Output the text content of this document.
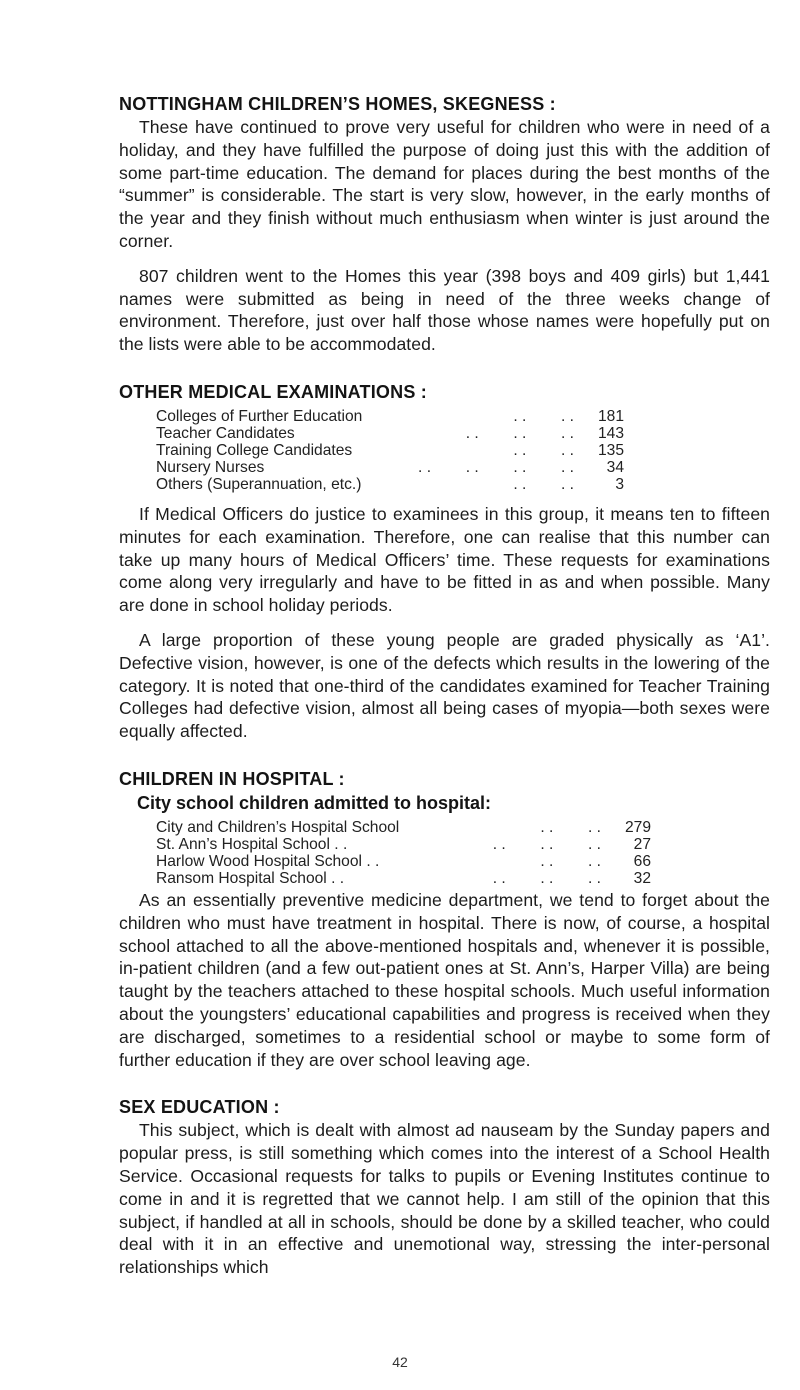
NOTTINGHAM CHILDREN’S HOMES, SKEGNESS :

These have continued to prove very useful for children who were in need of a holiday, and they have fulfilled the purpose of doing just this with the addition of some part-time education. The demand for places during the best months of the “summer” is considerable. The start is very slow, however, in the early months of the year and they finish without much enthusiasm when winter is just around the corner.

807 children went to the Homes this year (398 boys and 409 girls) but 1,441 names were submitted as being in need of the three weeks change of environment. Therefore, just over half those whose names were hopefully put on the lists were able to be accommodated.

OTHER MEDICAL EXAMINATIONS :
Colleges of Further Education	. .        . .	181
Teacher Candidates	. .        . .        . .	143
Training College Candidates	. .        . .	135
Nursery Nurses	. .        . .        . .        . .	34
Others (Superannuation, etc.)	. .        . .	3

If Medical Officers do justice to examinees in this group, it means ten to fifteen minutes for each examination. Therefore, one can realise that this number can take up many hours of Medical Officers’ time. These requests for examinations come along very irregularly and have to be fitted in as and when possible. Many are done in school holiday periods.

A large proportion of these young people are graded physically as ‘A1’. Defective vision, however, is one of the defects which results in the lowering of the category. It is noted that one-third of the candidates examined for Teacher Training Colleges had defective vision, almost all being cases of myopia—both sexes were equally affected.

CHILDREN IN HOSPITAL :
City school children admitted to hospital:
City and Children’s Hospital School	. .        . .	279
St. Ann’s Hospital School . .	. .        . .        . .	27
Harlow Wood Hospital School . .	. .        . .	66
Ransom Hospital School . .	. .        . .        . .	32

As an essentially preventive medicine department, we tend to forget about the children who must have treatment in hospital. There is now, of course, a hospital school attached to all the above-mentioned hospitals and, whenever it is possible, in-patient children (and a few out-patient ones at St. Ann’s, Harper Villa) are being taught by the teachers attached to these hospital schools. Much useful information about the youngsters’ educational capabilities and progress is received when they are discharged, sometimes to a residential school or maybe to some form of further education if they are over school leaving age.

SEX EDUCATION :

This subject, which is dealt with almost ad nauseam by the Sunday papers and popular press, is still something which comes into the interest of a School Health Service. Occasional requests for talks to pupils or Evening Institutes continue to come in and it is regretted that we cannot help. I am still of the opinion that this subject, if handled at all in schools, should be done by a skilled teacher, who could deal with it in an effective and unemotional way, stressing the inter-personal relationships which

42
